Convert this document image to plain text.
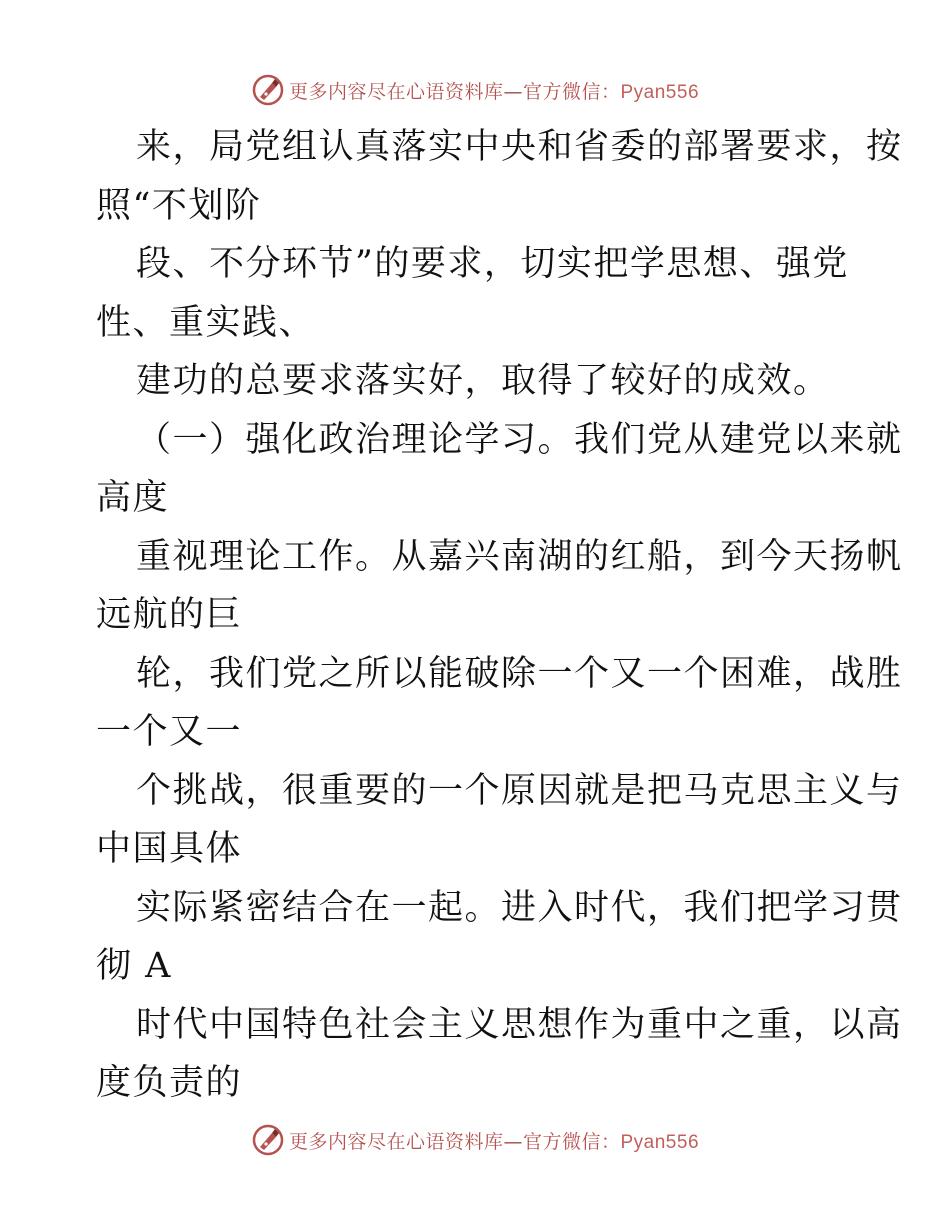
更多内容尽在心语资料库—官方微信：Pyan556
来，局党组认真落实中央和省委的部署要求，按
照“不划阶
段、不分环节”的要求，切实把学思想、强党
性、重实践、
建功的总要求落实好，取得了较好的成效。
（一）强化政治理论学习。我们党从建党以来就
高度
重视理论工作。从嘉兴南湖的红船，到今天扬帆
远航的巨
轮，我们党之所以能破除一个又一个困难，战胜
一个又一
个挑战，很重要的一个原因就是把马克思主义与
中国具体
实际紧密结合在一起。进入时代，我们把学习贯
彻 A
时代中国特色社会主义思想作为重中之重，以高
度负责的
更多内容尽在心语资料库—官方微信：Pyan556
